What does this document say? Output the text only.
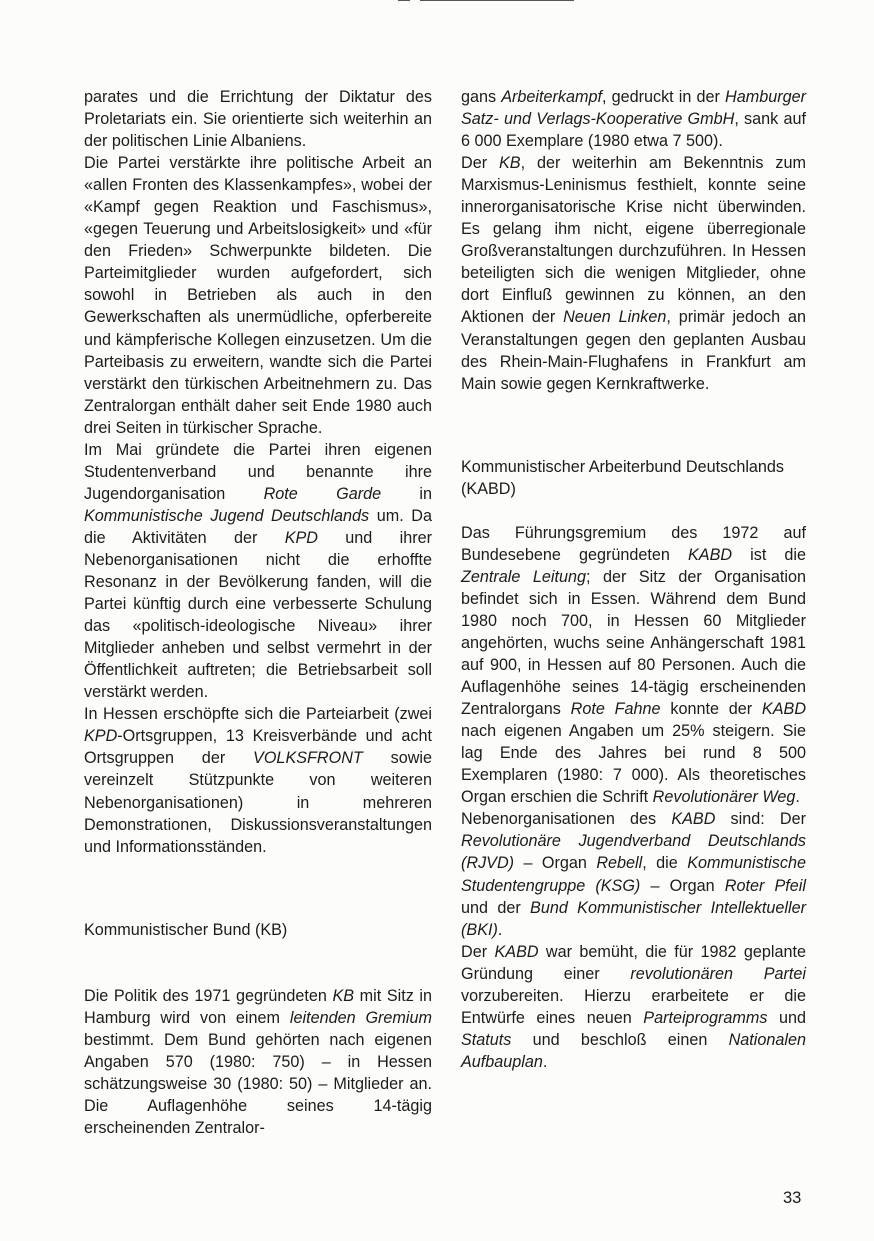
parates und die Errichtung der Diktatur des Proletariats ein. Sie orientierte sich weiterhin an der politischen Linie Albaniens.

Die Partei verstärkte ihre politische Arbeit an «allen Fronten des Klassenkampfes», wobei der «Kampf gegen Reaktion und Faschismus», «gegen Teuerung und Arbeitslosigkeit» und «für den Frieden» Schwerpunkte bildeten. Die Parteimitglieder wurden aufgefordert, sich sowohl in Betrieben als auch in den Gewerkschaften als unermüdliche, opferbereite und kämpferische Kollegen einzusetzen. Um die Parteibasis zu erweitern, wandte sich die Partei verstärkt den türkischen Arbeitnehmern zu. Das Zentralorgan enthält daher seit Ende 1980 auch drei Seiten in türkischer Sprache.

Im Mai gründete die Partei ihren eigenen Studentenverband und benannte ihre Jugendorganisation Rote Garde in Kommunistische Jugend Deutschlands um. Da die Aktivitäten der KPD und ihrer Nebenorganisationen nicht die erhoffte Resonanz in der Bevölkerung fanden, will die Partei künftig durch eine verbesserte Schulung das «politisch-ideologische Niveau» ihrer Mitglieder anheben und selbst vermehrt in der Öffentlichkeit auftreten; die Betriebsarbeit soll verstärkt werden.

In Hessen erschöpfte sich die Parteiarbeit (zwei KPD-Ortsgruppen, 13 Kreisverbände und acht Ortsgruppen der VOLKSFRONT sowie vereinzelt Stützpunkte von weiteren Nebenorganisationen) in mehreren Demonstrationen, Diskussionsveranstaltungen und Informationsständen.

Kommunistischer Bund (KB)

Die Politik des 1971 gegründeten KB mit Sitz in Hamburg wird von einem leitenden Gremium bestimmt. Dem Bund gehörten nach eigenen Angaben 570 (1980: 750) – in Hessen schätzungsweise 30 (1980: 50) – Mitglieder an. Die Auflagenhöhe seines 14-tägig erscheinenden Zentralor-

gans Arbeiterkampf, gedruckt in der Hamburger Satz- und Verlags-Kooperative GmbH, sank auf 6 000 Exemplare (1980 etwa 7 500).

Der KB, der weiterhin am Bekenntnis zum Marxismus-Leninismus festhielt, konnte seine innerorganisatorische Krise nicht überwinden. Es gelang ihm nicht, eigene überregionale Großveranstaltungen durchzuführen. In Hessen beteiligten sich die wenigen Mitglieder, ohne dort Einfluß gewinnen zu können, an den Aktionen der Neuen Linken, primär jedoch an Veranstaltungen gegen den geplanten Ausbau des Rhein-Main-Flughafens in Frankfurt am Main sowie gegen Kernkraftwerke.

Kommunistischer Arbeiterbund Deutschlands (KABD)

Das Führungsgremium des 1972 auf Bundesebene gegründeten KABD ist die Zentrale Leitung; der Sitz der Organisation befindet sich in Essen. Während dem Bund 1980 noch 700, in Hessen 60 Mitglieder angehörten, wuchs seine Anhängerschaft 1981 auf 900, in Hessen auf 80 Personen. Auch die Auflagenhöhe seines 14-tägig erscheinenden Zentralorgans Rote Fahne konnte der KABD nach eigenen Angaben um 25% steigern. Sie lag Ende des Jahres bei rund 8 500 Exemplaren (1980: 7 000). Als theoretisches Organ erschien die Schrift Revolutionärer Weg.

Nebenorganisationen des KABD sind: Der Revolutionäre Jugendverband Deutschlands (RJVD) – Organ Rebell, die Kommunistische Studentengruppe (KSG) – Organ Roter Pfeil und der Bund Kommunistischer Intellektueller (BKI).

Der KABD war bemüht, die für 1982 geplante Gründung einer revolutionären Partei vorzubereiten. Hierzu erarbeitete er die Entwürfe eines neuen Parteiprogramms und Statuts und beschloß einen Nationalen Aufbauplan.

33
